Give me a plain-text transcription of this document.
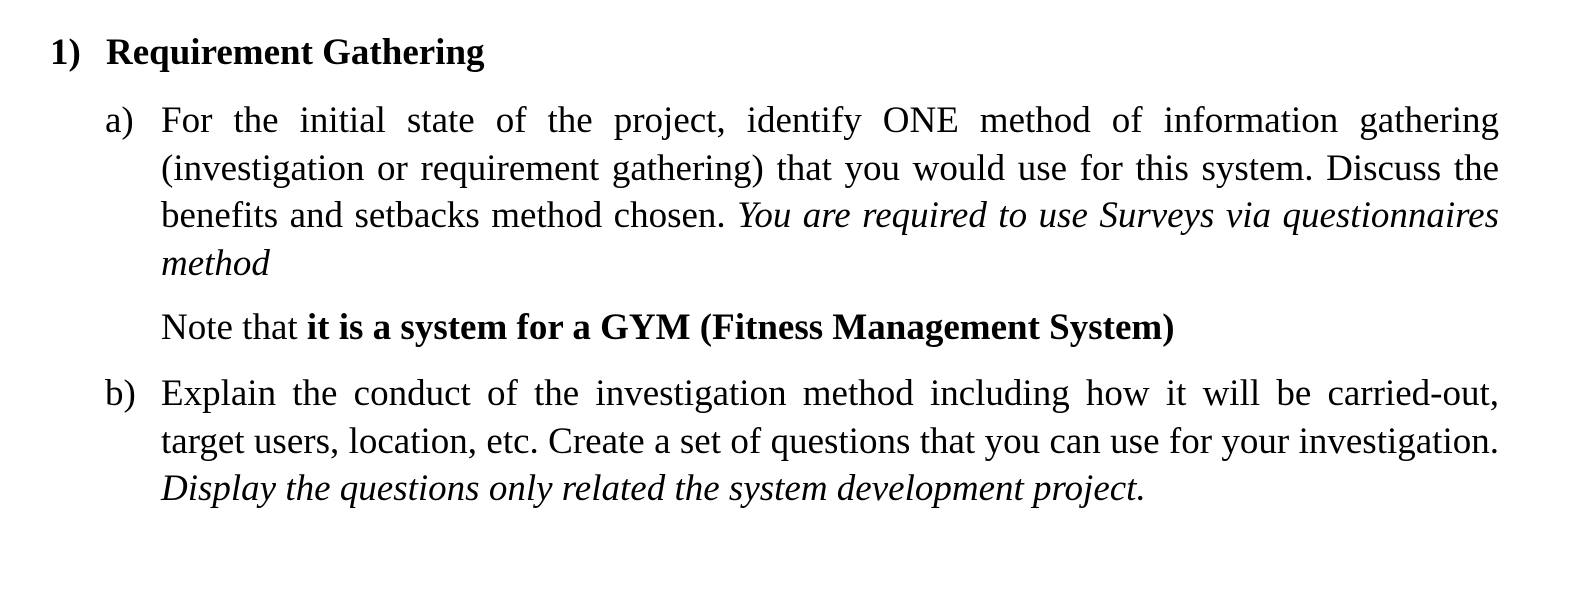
1) Requirement Gathering
a) For the initial state of the project, identify ONE method of information gathering (investigation or requirement gathering) that you would use for this system. Discuss the benefits and setbacks method chosen. You are required to use Surveys via questionnaires method
Note that it is a system for a GYM (Fitness Management System)
b) Explain the conduct of the investigation method including how it will be carried-out, target users, location, etc. Create a set of questions that you can use for your investigation. Display the questions only related the system development project.
